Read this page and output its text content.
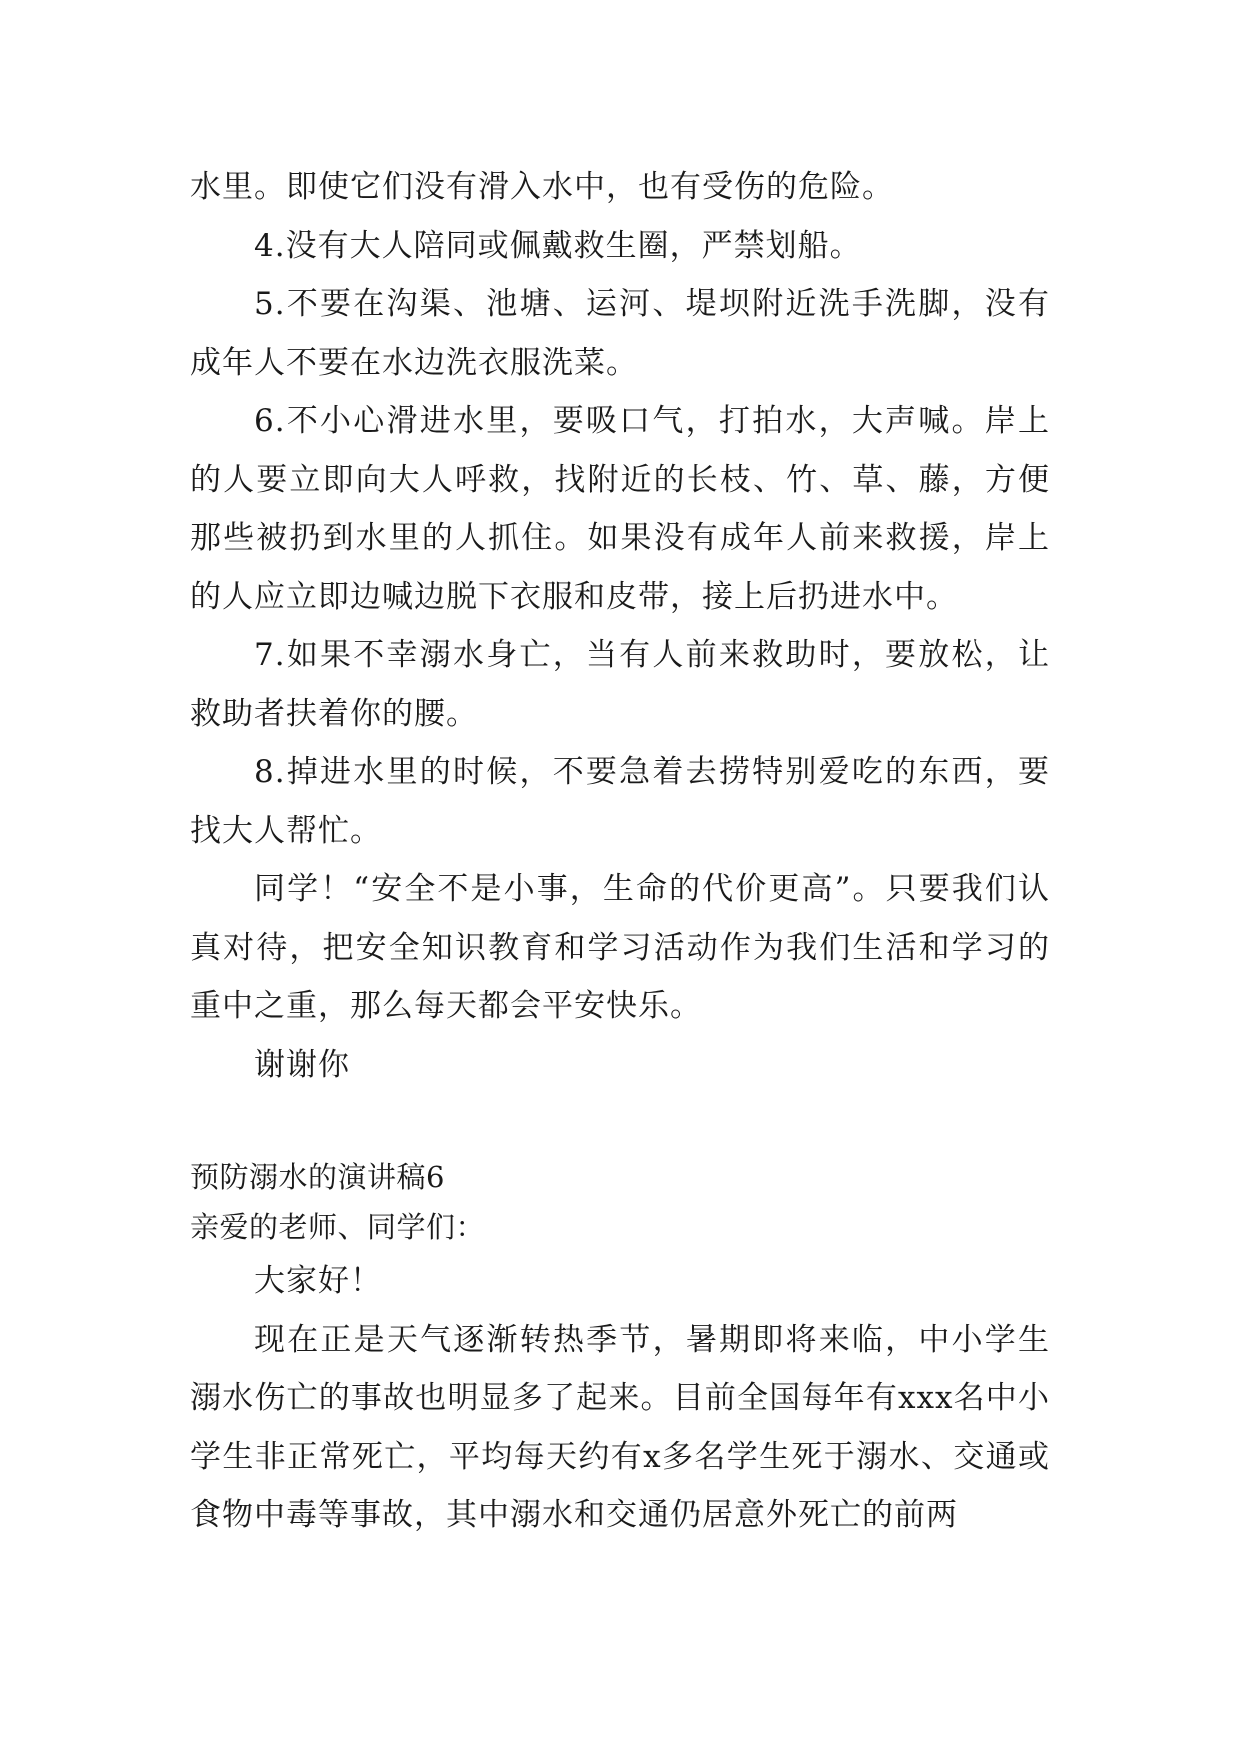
水里。即使它们没有滑入水中，也有受伤的危险。

4.没有大人陪同或佩戴救生圈，严禁划船。

5.不要在沟渠、池塘、运河、堤坝附近洗手洗脚，没有成年人不要在水边洗衣服洗菜。

6.不小心滑进水里，要吸口气，打拍水，大声喊。岸上的人要立即向大人呼救，找附近的长枝、竹、草、藤，方便那些被扔到水里的人抓住。如果没有成年人前来救援，岸上的人应立即边喊边脱下衣服和皮带，接上后扔进水中。

7.如果不幸溺水身亡，当有人前来救助时，要放松，让救助者扶着你的腰。

8.掉进水里的时候，不要急着去捞特别爱吃的东西，要找大人帮忙。

同学！“安全不是小事，生命的代价更高”。只要我们认真对待，把安全知识教育和学习活动作为我们生活和学习的重中之重，那么每天都会平安快乐。

谢谢你

预防溺水的演讲稿6

亲爱的老师、同学们：

大家好！

现在正是天气逐渐转热季节，暑期即将来临，中小学生溺水伤亡的事故也明显多了起来。目前全国每年有xxx名中小学生非正常死亡，平均每天约有x多名学生死于溺水、交通或食物中毒等事故，其中溺水和交通仍居意外死亡的前两
